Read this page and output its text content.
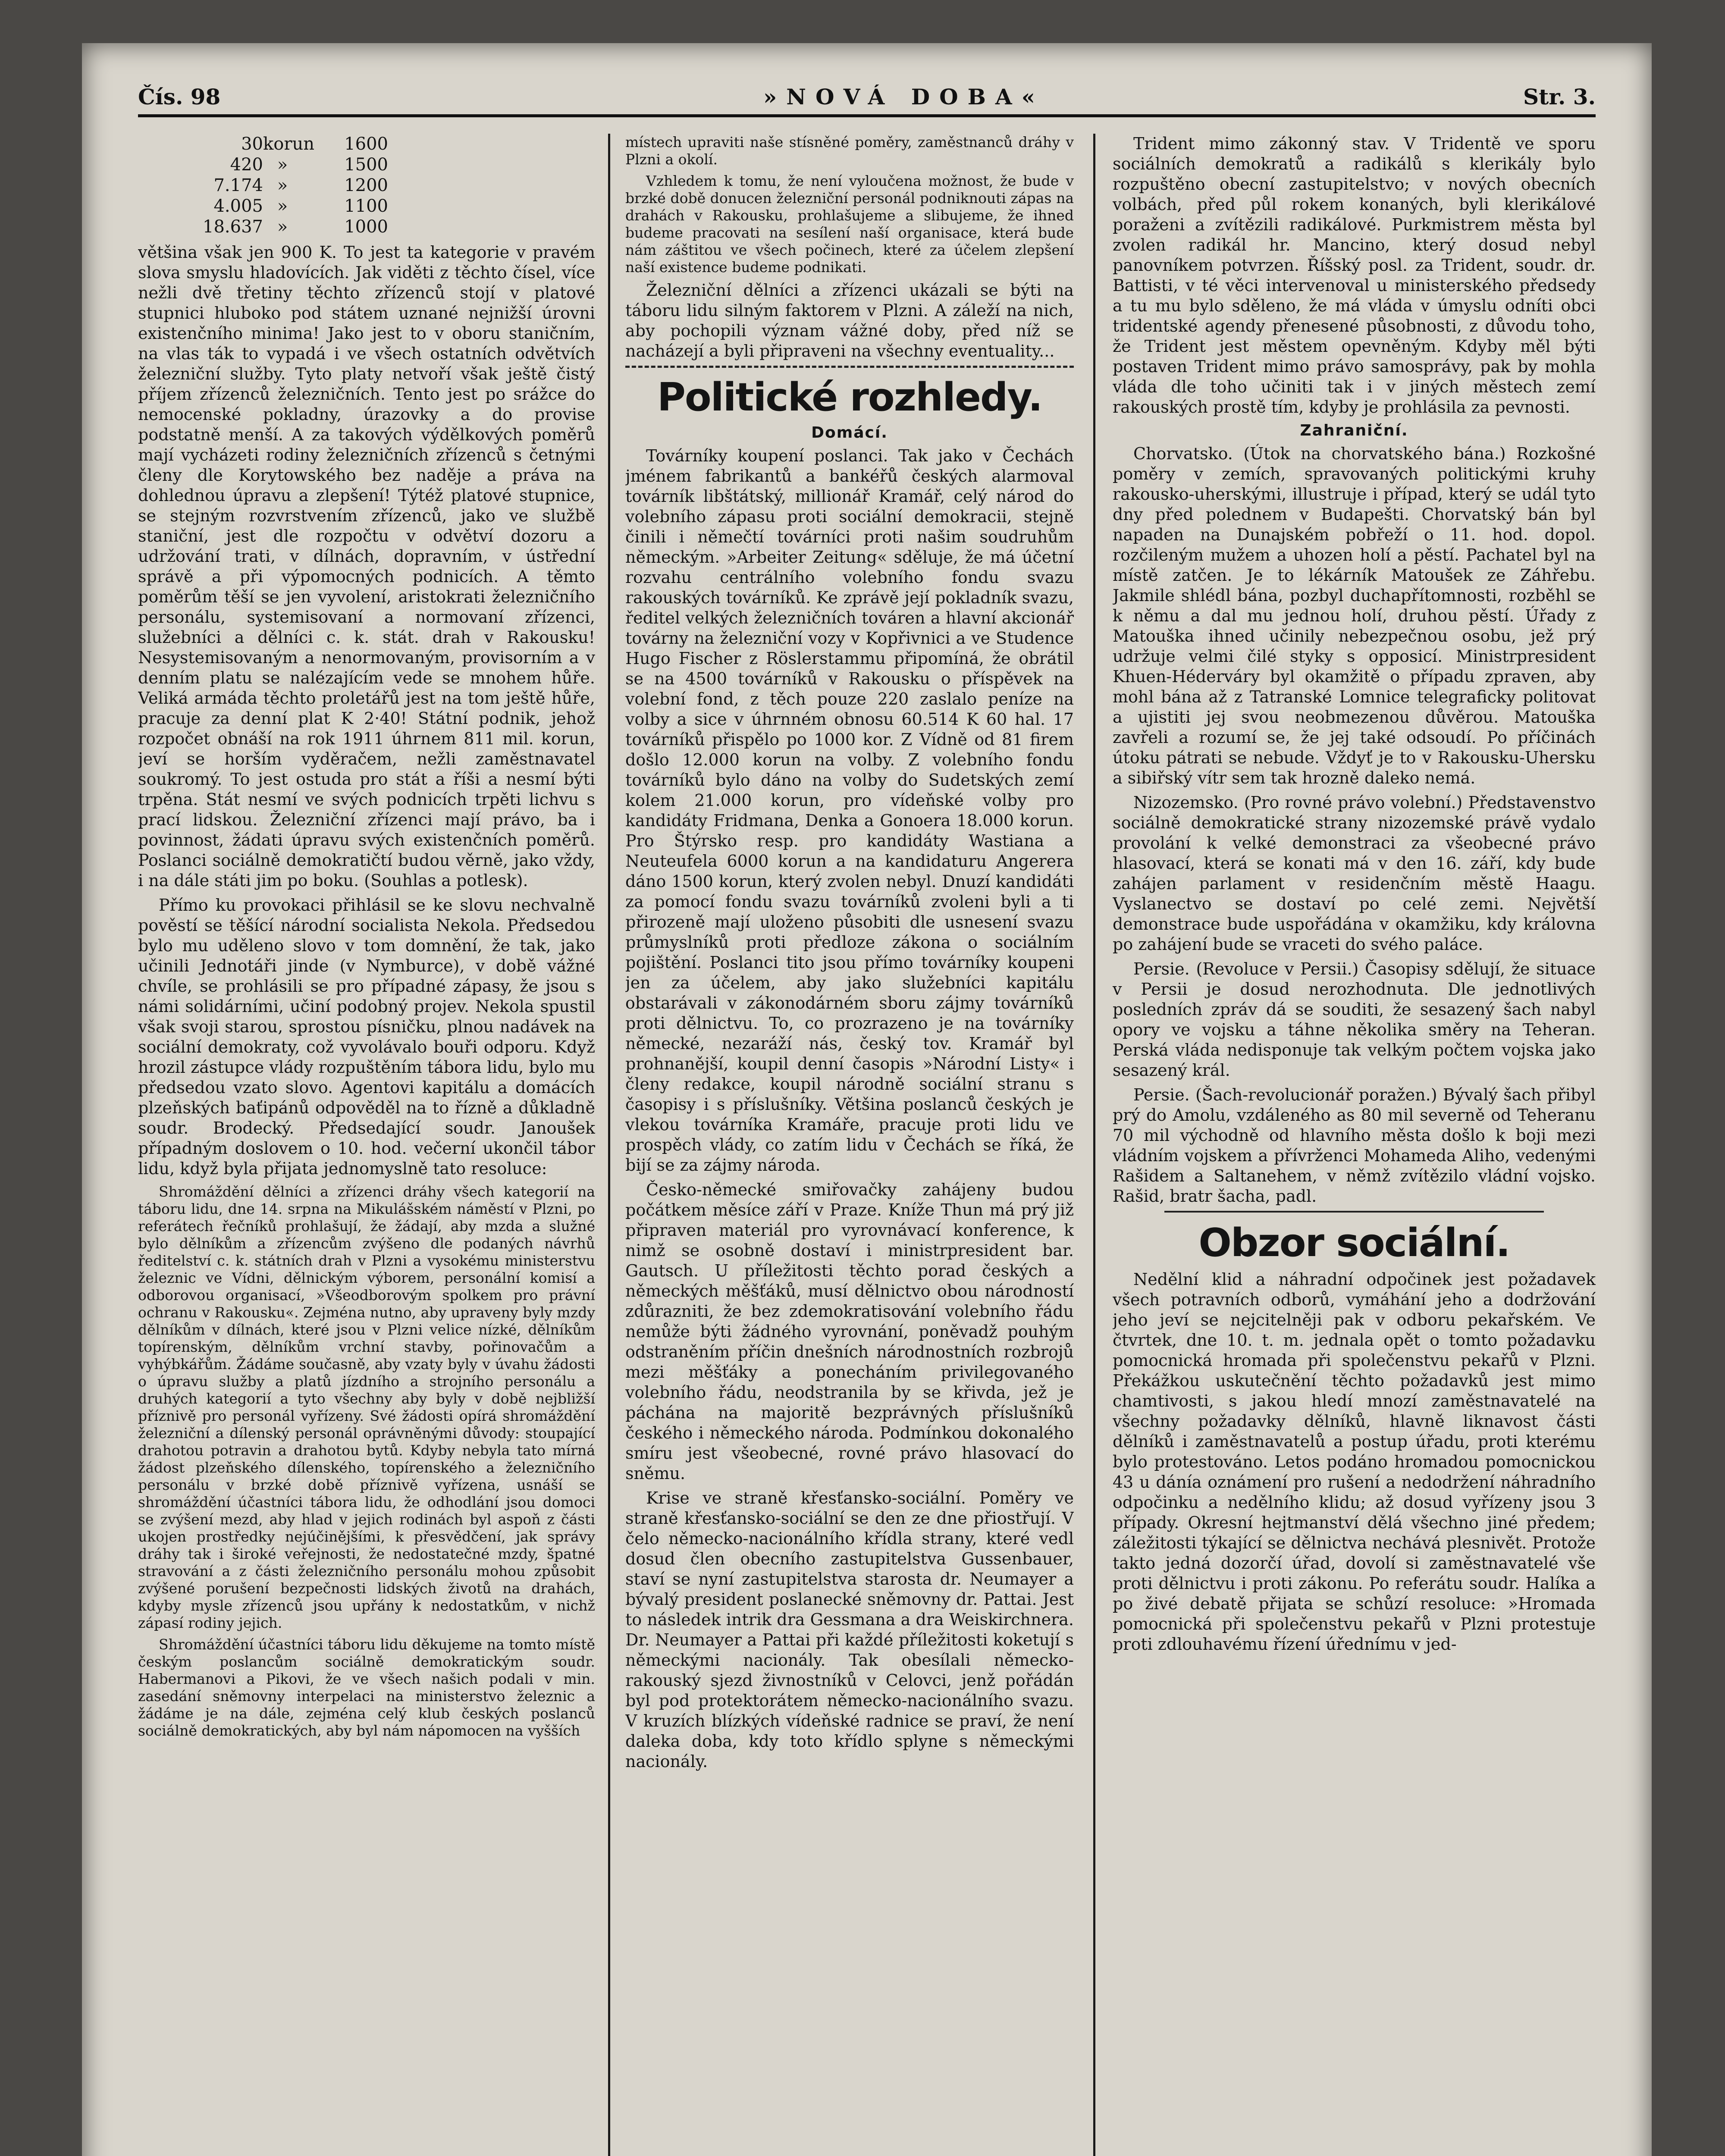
Čís. 98	»NOVÁ DOBA«	Str. 3.
30 korun	1600
420 »	1500
7.174 »	1200
4.005 »	1100
18.637 »	1000

většina však jen 900 K. To jest ta kategorie v pravém slova smyslu hladovících. Jak viděti z těchto čísel, více nežli dvě třetiny těchto zřízenců stojí v platové stupnici hluboko pod státem uznané nejnižší úrovni existenčního minima! Jako jest to v oboru staničním, na vlas ták to vypadá i ve všech ostatních odvětvích železniční služby. Tyto platy netvoří však ještě čistý příjem zřízenců železničních. Tento jest po srážce do nemocenské pokladny, úrazovky a do provise podstatně menší. A za takových výdělkových poměrů mají vycházeti rodiny železničních zřízenců s četnými členy dle Korytowského bez naděje a práva na dohlednou úpravu a zlepšení! Týtéž platové stupnice, se stejným rozvrstvením zřízenců, jako ve službě staniční, jest dle rozpočtu v odvětví dozoru a udržování trati, v dílnách, dopravním, v ústřední správě a při výpomocných podnicích. A těmto poměrům těší se jen vyvolení, aristokrati železničního personálu, systemisovaní a normovaní zřízenci, služebníci a dělníci c. k. stát. drah v Rakousku! Nesystemisovaným a nenormovaným, provisorním a v denním platu se nalézajícím vede se mnohem hůře. Veliká armáda těchto proletářů jest na tom ještě hůře, pracuje za denní plat K 2·40! Státní podnik, jehož rozpočet obnáší na rok 1911 úhrnem 811 mil. korun, jeví se horším vyděračem, nežli zaměstnavatel soukromý. To jest ostuda pro stát a říši a nesmí býti trpěna. Stát nesmí ve svých podnicích trpěti lichvu s prací lidskou. Železniční zřízenci mají právo, ba i povinnost, žádati úpravu svých existenčních poměrů. Poslanci sociálně demokratičtí budou věrně, jako vždy, i na dále státi jim po boku. (Souhlas a potlesk).

Přímo ku provokaci přihlásil se ke slovu nechvalně pověstí se těšící národní socialista Nekola. Předsedou bylo mu uděleno slovo v tom domnění, že tak, jako učinili Jednotáři jinde (v Nymburce), v době vážné chvíle, se prohlásili se pro případné zápasy, že jsou s námi solidárními, učiní podobný projev. Nekola spustil však svoji starou, sprostou písničku, plnou nadávek na sociální demokraty, což vyvolávalo bouři odporu. Když hrozil zástupce vlády rozpuštěním tábora lidu, bylo mu předsedou vzato slovo. Agentovi kapitálu a domácích plzeňských baťipánů odpověděl na to řízně a důkladně soudr. Brodecký. Předsedající soudr. Janoušek případným doslovem o 10. hod. večerní ukončil tábor lidu, když byla přijata jednomyslně tato resoluce:

Shromáždění dělníci a zřízenci dráhy všech kategorií na táboru lidu, dne 14. srpna na Mikulášském náměstí v Plzni, po referátech řečníků prohlašují, že žádají, aby mzda a služné bylo dělníkům a zřízencům zvýšeno dle podaných návrhů ředitelství c. k. státních drah v Plzni a vysokému ministerstvu železnic ve Vídni, dělnickým výborem, personální komisí a odborovou organisací, »Všeodborovým spolkem pro právní ochranu v Rakousku«. Zejména nutno, aby upraveny byly mzdy dělníkům v dílnách, které jsou v Plzni velice nízké, dělníkům topírenským, dělníkům vrchní stavby, pořinovačům a vyhýbkářům. Žádáme současně, aby vzaty byly v úvahu žádosti o úpravu služby a platů jízdního a strojního personálu a druhých kategorií a tyto všechny aby byly v době nejbližší příznivě pro personál vyřízeny. Své žádosti opírá shromáždění železniční a dílenský personál oprávněnými důvody: stoupající drahotou potravin a drahotou bytů. Kdyby nebyla tato mírná žádost plzeňského dílenského, topírenského a železničního personálu v brzké době příznivě vyřízena, usnáší se shromáždění účastníci tábora lidu, že odhodlání jsou domoci se zvýšení mezd, aby hlad v jejich rodinách byl aspoň z části ukojen prostředky nejúčinějšími, k přesvědčení, jak správy dráhy tak i široké veřejnosti, že nedostatečné mzdy, špatné stravování a z části železničního personálu mohou způsobit zvýšené porušení bezpečnosti lidských životů na drahách, kdyby mysle zřízenců jsou upřány k nedostatkům, v nichž zápasí rodiny jejich.

Shromáždění účastníci táboru lidu děkujeme na tomto místě českým poslancům sociálně demokratickým soudr. Habermanovi a Pikovi, že ve všech našich podali v min. zasedání sněmovny interpelaci na ministerstvo železnic a žádáme je na dále, zejména celý klub českých poslanců sociálně demokratických, aby byl nám nápomocen na vyšších

místech upraviti naše stísněné poměry, zaměstnanců dráhy v Plzni a okolí.

Vzhledem k tomu, že není vyloučena možnost, že bude v brzké době donucen železniční personál podniknouti zápas na drahách v Rakousku, prohlašujeme a slibujeme, že ihned budeme pracovati na sesílení naší organisace, která bude nám záštitou ve všech počinech, které za účelem zlepšení naší existence budeme podnikati.

Železniční dělníci a zřízenci ukázali se býti na táboru lidu silným faktorem v Plzni. A záleží na nich, aby pochopili význam vážné doby, před níž se nacházejí a byli připraveni na všechny eventuality...

Politické rozhledy.
Domácí.

Továrníky koupení poslanci. Tak jako v Čechách jménem fabrikantů a bankéřů českých alarmoval továrník libštátský, millionář Kramář, celý národ do volebního zápasu proti sociální demokracii, stejně činili i němečtí továrníci proti našim soudruhům německým. »Arbeiter Zeitung« sděluje, že má účetní rozvahu centrálního volebního fondu svazu rakouských továrníků. Ke zprávě její pokladník svazu, ředitel velkých železničních továren a hlavní akcionář továrny na železniční vozy v Kopřivnici a ve Studence Hugo Fischer z Röslerstammu připomíná, že obrátil se na 4500 továrníků v Rakousku o příspěvek na volební fond, z těch pouze 220 zaslalo peníze na volby a sice v úhrnném obnosu 60.514 K 60 hal. 17 továrníků přispělo po 1000 kor. Z Vídně od 81 firem došlo 12.000 korun na volby. Z volebního fondu továrníků bylo dáno na volby do Sudetských zemí kolem 21.000 korun, pro vídeňské volby pro kandidáty Fridmana, Denka a Gonoera 18.000 korun. Pro Štýrsko resp. pro kandidáty Wastiana a Neuteufela 6000 korun a na kandidaturu Angerera dáno 1500 korun, který zvolen nebyl. Dnuzí kandidáti za pomocí fondu svazu továrníků zvoleni byli a ti přirozeně mají uloženo působiti dle usnesení svazu průmyslníků proti předloze zákona o sociálním pojištění. Poslanci tito jsou přímo továrníky koupeni jen za účelem, aby jako služebníci kapitálu obstarávali v zákonodárném sboru zájmy továrníků proti dělnictvu. To, co prozrazeno je na továrníky německé, nezaráží nás, český tov. Kramář byl prohnanější, koupil denní časopis »Národní Listy« i členy redakce, koupil národně sociální stranu s časopisy i s příslušníky. Většina poslanců českých je vlekou továrníka Kramáře, pracuje proti lidu ve prospěch vlády, co zatím lidu v Čechách se říká, že bijí se za zájmy národa.

Česko-německé smiřovačky zahájeny budou počátkem měsíce září v Praze. Kníže Thun má prý již připraven materiál pro vyrovnávací konference, k nimž se osobně dostaví i ministrpresident bar. Gautsch. U příležitosti těchto porad českých a německých měšťáků, musí dělnictvo obou národností zdůrazniti, že bez zdemokratisování volebního řádu nemůže býti žádného vyrovnání, poněvadž pouhým odstraněním příčin dnešních národnostních rozbrojů mezi měšťáky a ponecháním privilegovaného volebního řádu, neodstranila by se křivda, jež je páchána na majoritě bezprávných příslušníků českého i německého národa. Podmínkou dokonalého smíru jest všeobecné, rovné právo hlasovací do sněmu.

Krise ve straně křesťansko-sociální. Poměry ve straně křesťansko-sociální se den ze dne přiostřují. V čelo německo-nacionálního křídla strany, které vedl dosud člen obecního zastupitelstva Gussenbauer, staví se nyní zastupitelstva starosta dr. Neumayer a bývalý president poslanecké sněmovny dr. Pattai. Jest to následek intrik dra Gessmana a dra Weiskirchnera. Dr. Neumayer a Pattai při každé příležitosti koketují s německými nacionály. Tak obesílali německo-rakouský sjezd živnostníků v Celovci, jenž pořádán byl pod protektorátem německo-nacionálního svazu. V kruzích blízkých vídeňské radnice se praví, že není daleka doba, kdy toto křídlo splyne s německými nacionály.

Trident mimo zákonný stav. V Tridentě ve sporu sociálních demokratů a radikálů s klerikály bylo rozpuštěno obecní zastupitelstvo; v nových obecních volbách, před půl rokem konaných, byli klerikálové poraženi a zvítězili radikálové. Purkmistrem města byl zvolen radikál hr. Mancino, který dosud nebyl panovníkem potvrzen. Říšský posl. za Trident, soudr. dr. Battisti, v té věci intervenoval u ministerského předsedy a tu mu bylo sděleno, že má vláda v úmyslu odníti obci tridentské agendy přenesené působnosti, z důvodu toho, že Trident jest městem opevněným. Kdyby měl býti postaven Trident mimo právo samosprávy, pak by mohla vláda dle toho učiniti tak i v jiných městech zemí rakouských prostě tím, kdyby je prohlásila za pevnosti.

Zahraniční.

Chorvatsko. (Útok na chorvatského bána.) Rozkošné poměry v zemích, spravovaných politickými kruhy rakousko-uherskými, illustruje i případ, který se udál tyto dny před polednem v Budapešti. Chorvatský bán byl napaden na Dunajském pobřeží o 11. hod. dopol. rozčileným mužem a uhozen holí a pěstí. Pachatel byl na místě zatčen. Je to lékárník Matoušek ze Záhřebu. Jakmile shlédl bána, pozbyl duchapřítomnosti, rozběhl se k němu a dal mu jednou holí, druhou pěstí. Úřady z Matouška ihned učinily nebezpečnou osobu, jež prý udržuje velmi čilé styky s opposicí. Ministrpresident Khuen-Héderváry byl okamžitě o případu zpraven, aby mohl bána až z Tatranské Lomnice telegraficky politovat a ujistiti jej svou neobmezenou důvěrou. Matouška zavřeli a rozumí se, že jej také odsoudí. Po příčinách útoku pátrati se nebude. Vždyť je to v Rakousku-Uhersku a sibiřský vítr sem tak hrozně daleko nemá.

Nizozemsko. (Pro rovné právo volební.) Představenstvo sociálně demokratické strany nizozemské právě vydalo provolání k velké demonstraci za všeobecné právo hlasovací, která se konati má v den 16. září, kdy bude zahájen parlament v residenčním městě Haagu. Vyslanectvo se dostaví po celé zemi. Největší demonstrace bude uspořádána v okamžiku, kdy královna po zahájení bude se vraceti do svého paláce.

Persie. (Revoluce v Persii.) Časopisy sdělují, že situace v Persii je dosud nerozhodnuta. Dle jednotlivých posledních zpráv dá se souditi, že sesazený šach nabyl opory ve vojsku a táhne několika směry na Teheran. Perská vláda nedisponuje tak velkým počtem vojska jako sesazený král.

Persie. (Šach-revolucionář poražen.) Bývalý šach přibyl prý do Amolu, vzdáleného as 80 mil severně od Teheranu 70 mil východně od hlavního města došlo k boji mezi vládním vojskem a přívrženci Mohameda Aliho, vedenými Rašidem a Saltanehem, v němž zvítězilo vládní vojsko. Rašid, bratr šacha, padl.

Obzor sociální.

Nedělní klid a náhradní odpočinek jest požadavek všech potravních odborů, vymáhání jeho a dodržování jeho jeví se nejcitelněji pak v odboru pekařském. Ve čtvrtek, dne 10. t. m. jednala opět o tomto požadavku pomocnická hromada při společenstvu pekařů v Plzni. Překážkou uskutečnění těchto požadavků jest mimo chamtivosti, s jakou hledí mnozí zaměstnavatelé na všechny požadavky dělníků, hlavně liknavost části dělníků i zaměstnavatelů a postup úřadu, proti kterému bylo protestováno. Letos podáno hromadou pomocnickou 43 u dánía oznámení pro rušení a nedodržení náhradního odpočinku a nedělního klidu; až dosud vyřízeny jsou 3 případy. Okresní hejtmanství dělá všechno jiné předem; záležitosti týkající se dělnictva nechává plesnivět. Protože takto jedná dozorčí úřad, dovolí si zaměstnavatelé vše proti dělnictvu i proti zákonu. Po referátu soudr. Halíka a po živé debatě přijata se schůzí resoluce: »Hromada pomocnická při společenstvu pekařů v Plzni protestuje proti zdlouhavému řízení úřednímu v jed-
